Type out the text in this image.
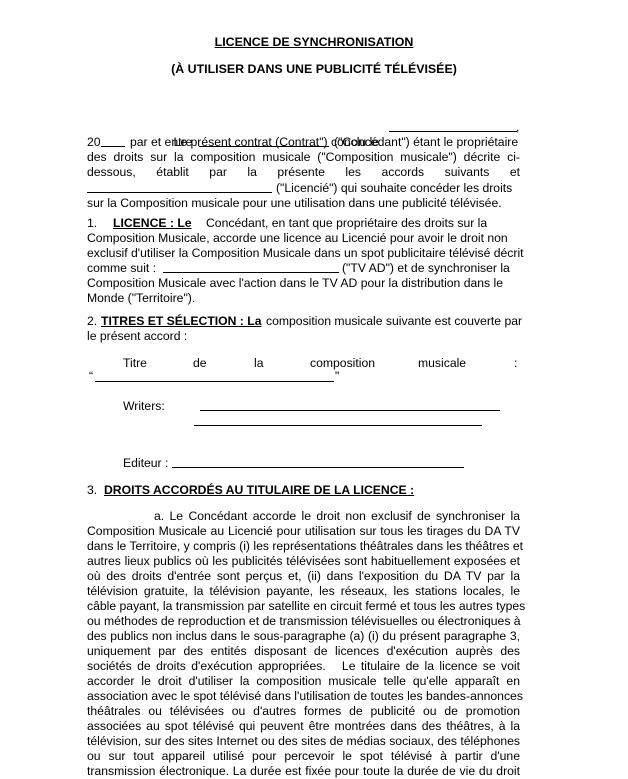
LICENCE DE SYNCHRONISATION
(À UTILISER DANS UNE PUBLICITÉ TÉLÉVISÉE)

Le présent contrat (Contrat") conclu le

,
20 par et entre	("Concédant") étant le propriétaire
des droits sur la composition musicale ("Composition musicale") décrite ci-
dessous, établit par la présente les accords suivants et
("Licencié") qui souhaite concéder les droits
sur la Composition musicale pour une utilisation dans une publicité télévisée.
1. LICENCE : Le Concédant, en tant que propriétaire des droits sur la
Composition Musicale, accorde une licence au Licencié pour avoir le droit non
exclusif d'utiliser la Composition Musicale dans un spot publicitaire télévisé décrit
comme suit :	("TV AD") et de synchroniser la
Composition Musicale avec l'action dans le TV AD pour la distribution dans le
Monde ("Territoire").
2. TITRES ET SÉLECTION : La composition musicale suivante est couverte par
le présent accord :
Titre	de	la	composition	musicale	:
“	"
Writers:
Editeur :
3. DROITS ACCORDÉS AU TITULAIRE DE LA LICENCE :
a. Le Concédant accorde le droit non exclusif de synchroniser la
Composition Musicale au Licencié pour utilisation sur tous les tirages du DA TV
dans le Territoire, y compris (i) les représentations théâtrales dans les théâtres et
autres lieux publics où les publicités télévisées sont habituellement exposées et
où des droits d'entrée sont perçus et, (ii) dans l'exposition du DA TV par la
télévision gratuite, la télévision payante, les réseaux, les stations locales, le
câble payant, la transmission par satellite en circuit fermé et tous les autres types
ou méthodes de reproduction et de transmission télévisuelles ou électroniques à
des publics non inclus dans le sous-paragraphe (a) (i) du présent paragraphe 3,
uniquement par des entités disposant de licences d'exécution auprès des
sociétés de droits d'exécution appropriées.   Le titulaire de la licence se voit
accorder le droit d'utiliser la composition musicale telle qu'elle apparaît en
association avec le spot télévisé dans l'utilisation de toutes les bandes-annonces
théâtrales ou télévisées ou d'autres formes de publicité ou de promotion
associées au spot télévisé qui peuvent être montrées dans des théâtres, à la
télévision, sur des sites Internet ou des sites de médias sociaux, des téléphones
ou sur tout appareil utilisé pour percevoir le spot télévisé à partir d'une
transmission électronique. La durée est fixée pour toute la durée de vie du droit
